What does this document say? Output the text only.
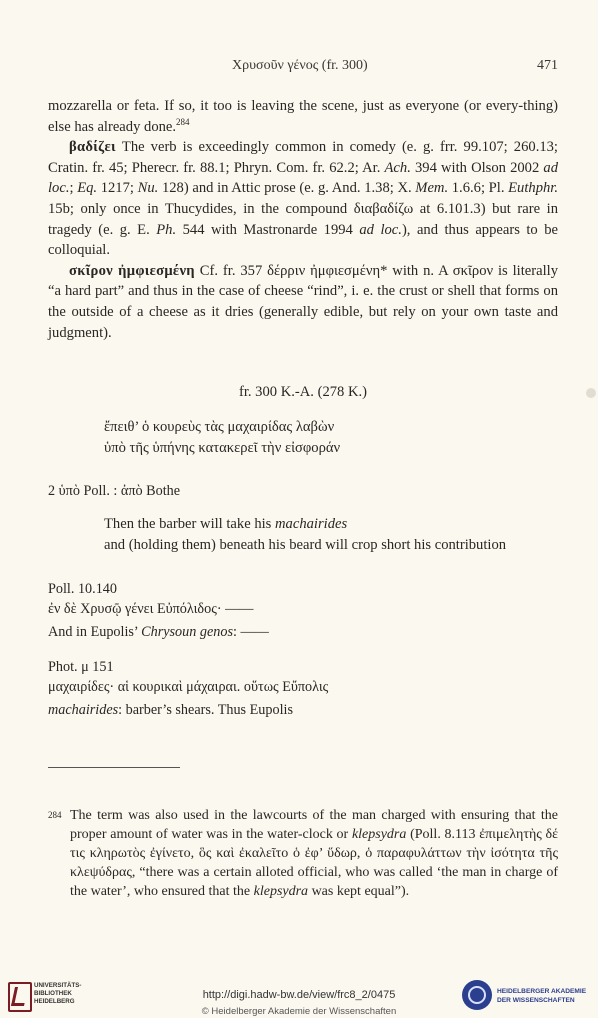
Χρυσοῦν γένος (fr. 300)	471

mozzarella or feta. If so, it too is leaving the scene, just as everyone (or every-thing) else has already done.$^{284}$

βαδίζει The verb is exceedingly common in comedy (e. g. frr. 99.107; 260.13; Cratin. fr. 45; Pherecr. fr. 88.1; Phryn. Com. fr. 62.2; Ar. Ach. 394 with Olson 2002 ad loc.; Eq. 1217; Nu. 128) and in Attic prose (e. g. And. 1.38; X. Mem. 1.6.6; Pl. Euthphr. 15b; only once in Thucydides, in the compound διαβαδίζω at 6.101.3) but rare in tragedy (e. g. E. Ph. 544 with Mastronarde 1994 ad loc.), and thus appears to be colloquial.

σκῖρον ἠμφιεσμένη Cf. fr. 357 δέρριν ἠμφιεσμένη* with n. A σκῖρον is literally “a hard part” and thus in the case of cheese “rind”, i. e. the crust or shell that forms on the outside of a cheese as it dries (generally edible, but rely on your own taste and judgment).

fr. 300 K.-A. (278 K.)
ἔπειθ’ ὁ κουρεὺς τὰς μαχαιρίδας λαβὼν
ὑπὸ τῆς ὑπήνης κατακερεῖ τὴν εἰσφοράν
2 ὑπὸ Poll. : ἀπὸ Bothe
Then the barber will take his machairides
and (holding them) beneath his beard will crop short his contribution
Poll. 10.140
ἐν δὲ Χρυσῷ γένει Εὐπόλιδος· ——
And in Eupolis’ Chrysoun genos: ——
Phot. μ 151
μαχαιρίδες· αἱ κουρικαὶ μάχαιραι. οὕτως Εὔπολις
machairides: barber’s shears. Thus Eupolis
284 The term was also used in the lawcourts of the man charged with ensuring that the proper amount of water was in the water-clock or klepsydra (Poll. 8.113 ἐπιμελητὴς δέ τις κληρωτὸς ἐγίνετο, ὃς καὶ ἐκαλεῖτο ὁ ἐφ’ ὕδωρ, ὁ παραφυλάττων τὴν ἰσότητα τῆς κλεψύδρας, “there was a certain alloted official, who was called ‘the man in charge of the water’, who ensured that the klepsydra was kept equal”).
UNIVERSITÄTS-
BIBLIOTHEK
HEIDELBERG
http://digi.hadw-bw.de/view/frc8_2/0475
© Heidelberger Akademie der Wissenschaften
HEIDELBERGER AKADEMIE
DER WISSENSCHAFTEN
